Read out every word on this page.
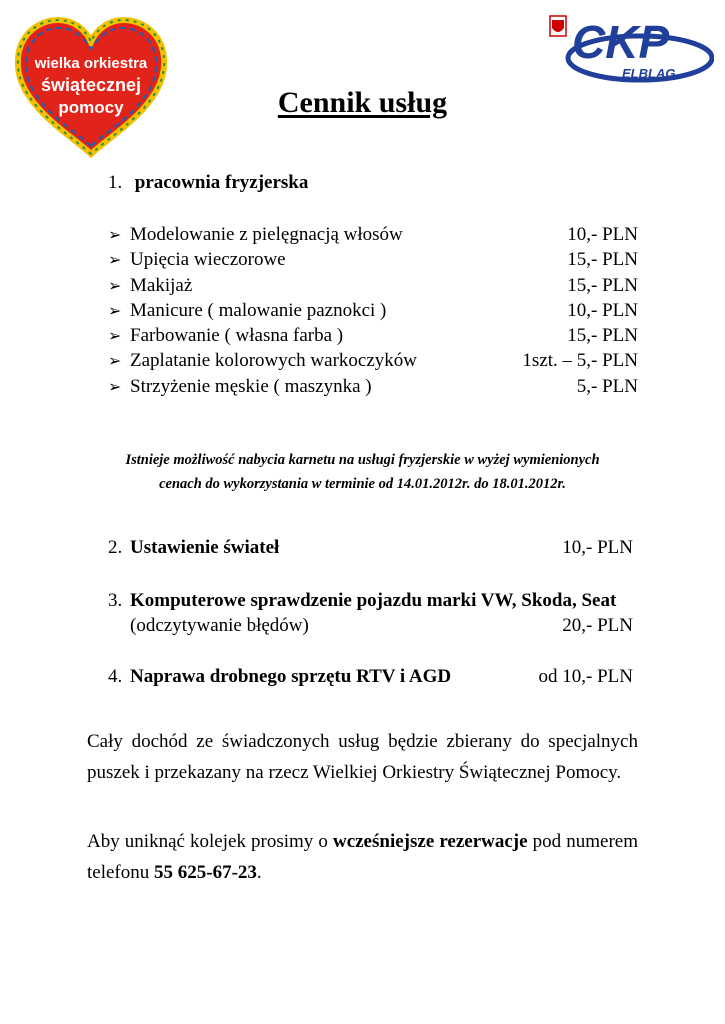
wielka orkiestra
świątecznej
pomocy
CKP
ELBLĄG
Cennik usług
1. pracownia fryzjerska
➢ Modelowanie z pielęgnacją włosów	10,- PLN
➢ Upięcia wieczorowe	15,- PLN
➢ Makijaż	15,- PLN
➢ Manicure ( malowanie paznokci )	10,- PLN
➢ Farbowanie ( własna farba )	15,- PLN
➢ Zaplatanie kolorowych warkoczyków	1szt. – 5,- PLN
➢ Strzyżenie męskie ( maszynka )	5,- PLN
Istnieje możliwość nabycia karnetu na usługi fryzjerskie w wyżej wymienionych
cenach do wykorzystania w terminie od 14.01.2012r. do 18.01.2012r.
2. Ustawienie świateł	10,- PLN
3. Komputerowe sprawdzenie pojazdu marki VW, Skoda, Seat
(odczytywanie błędów)	20,- PLN
4. Naprawa drobnego sprzętu RTV i AGD	od 10,- PLN
Cały dochód ze świadczonych usług będzie zbierany do specjalnych puszek i przekazany na rzecz Wielkiej Orkiestry Świątecznej Pomocy.
Aby uniknąć kolejek prosimy o wcześniejsze rezerwacje pod numerem telefonu 55 625-67-23.
